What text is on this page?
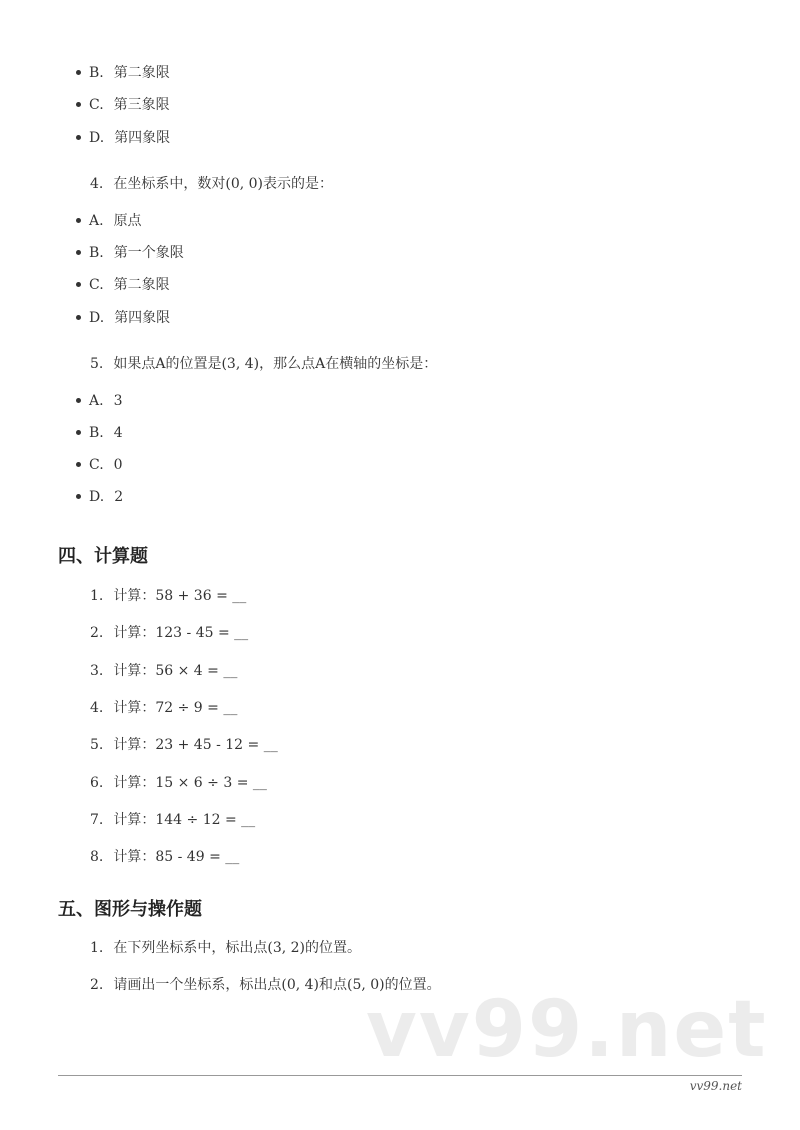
B. 第二象限
C. 第三象限
D. 第四象限
4. 在坐标系中，数对(0, 0)表示的是：
A. 原点
B. 第一个象限
C. 第二象限
D. 第四象限
5. 如果点A的位置是(3, 4)，那么点A在横轴的坐标是：
A. 3
B. 4
C. 0
D. 2
四、计算题
1. 计算：58 + 36 = __
2. 计算：123 - 45 = __
3. 计算：56 × 4 = __
4. 计算：72 ÷ 9 = __
5. 计算：23 + 45 - 12 = __
6. 计算：15 × 6 ÷ 3 = __
7. 计算：144 ÷ 12 = __
8. 计算：85 - 49 = __
五、图形与操作题
1. 在下列坐标系中，标出点(3, 2)的位置。
2. 请画出一个坐标系，标出点(0, 4)和点(5, 0)的位置。
vv99.net
vv99.net
